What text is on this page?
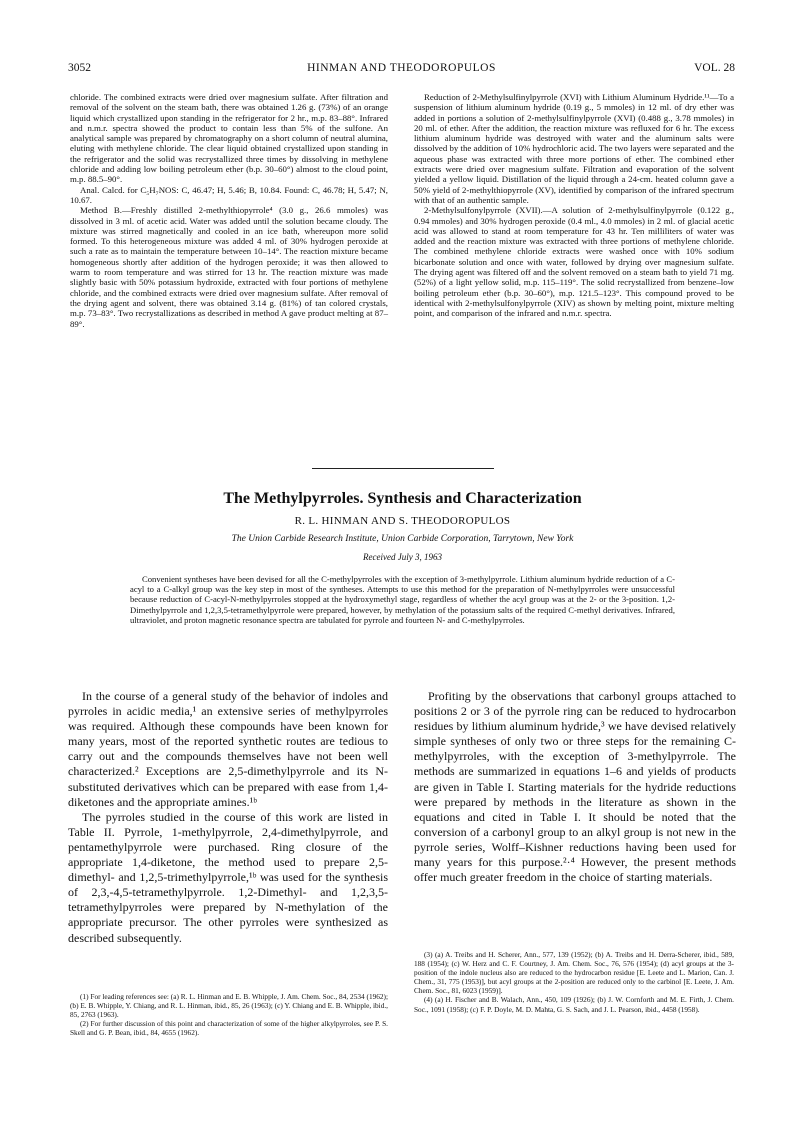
3052	HINMAN AND THEODOROPULOS	VOL. 28

chloride. The combined extracts were dried over magnesium sulfate. After filtration and removal of the solvent on the steam bath, there was obtained 1.26 g. (73%) of an orange liquid which crystallized upon standing in the refrigerator for 2 hr., m.p. 83–88°. Infrared and n.m.r. spectra showed the product to contain less than 5% of the sulfone. An analytical sample was prepared by chromatography on a short column of neutral alumina, eluting with methylene chloride. The clear liquid obtained crystallized upon standing in the refrigerator and the solid was recrystallized three times by dissolving in methylene chloride and adding low boiling petroleum ether (b.p. 30–60°) almost to the cloud point, m.p. 88.5–90°.

Anal. Calcd. for C₅H₇NOS: C, 46.47; H, 5.46; B, 10.84. Found: C, 46.78; H, 5.47; N, 10.67.

Method B.—Freshly distilled 2-methylthiopyrrole⁴ (3.0 g., 26.6 mmoles) was dissolved in 3 ml. of acetic acid. Water was added until the solution became cloudy. The mixture was stirred magnetically and cooled in an ice bath, whereupon more solid formed. To this heterogeneous mixture was added 4 ml. of 30% hydrogen peroxide at such a rate as to maintain the temperature between 10–14°. The reaction mixture became homogeneous shortly after addition of the hydrogen peroxide; it was then allowed to warm to room temperature and was stirred for 13 hr. The reaction mixture was made slightly basic with 50% potassium hydroxide, extracted with four portions of methylene chloride, and the combined extracts were dried over magnesium sulfate. After removal of the drying agent and solvent, there was obtained 3.14 g. (81%) of tan colored crystals, m.p. 73–83°. Two recrystallizations as described in method A gave product melting at 87–89°.

Reduction of 2-Methylsulfinylpyrrole (XVI) with Lithium Aluminum Hydride.¹¹—To a suspension of lithium aluminum hydride (0.19 g., 5 mmoles) in 12 ml. of dry ether was added in portions a solution of 2-methylsulfinylpyrrole (XVI) (0.488 g., 3.78 mmoles) in 20 ml. of ether. After the addition, the reaction mixture was refluxed for 6 hr. The excess lithium aluminum hydride was destroyed with water and the aluminum salts were dissolved by the addition of 10% hydrochloric acid. The two layers were separated and the aqueous phase was extracted with three more portions of ether. The combined ether extracts were dried over magnesium sulfate. Filtration and evaporation of the solvent yielded a yellow liquid. Distillation of the liquid through a 24-cm. heated column gave a 50% yield of 2-methylthiopyrrole (XV), identified by comparison of the infrared spectrum with that of an authentic sample.

2-Methylsulfonylpyrrole (XVII).—A solution of 2-methylsulfinylpyrrole (0.122 g., 0.94 mmoles) and 30% hydrogen peroxide (0.4 ml., 4.0 mmoles) in 2 ml. of glacial acetic acid was allowed to stand at room temperature for 43 hr. Ten milliliters of water was added and the reaction mixture was extracted with three portions of methylene chloride. The combined methylene chloride extracts were washed once with 10% sodium bicarbonate solution and once with water, followed by drying over magnesium sulfate. The drying agent was filtered off and the solvent removed on a steam bath to yield 71 mg. (52%) of a light yellow solid, m.p. 115–119°. The solid recrystallized from benzene–low boiling petroleum ether (b.p. 30–60°), m.p. 121.5–123°. This compound proved to be identical with 2-methylsulfonylpyrrole (XIV) as shown by melting point, mixture melting point, and comparison of the infrared and n.m.r. spectra.

The Methylpyrroles. Synthesis and Characterization
R. L. HINMAN AND S. THEODOROPULOS
The Union Carbide Research Institute, Union Carbide Corporation, Tarrytown, New York
Received July 3, 1963

Convenient syntheses have been devised for all the C-methylpyrroles with the exception of 3-methylpyrrole. Lithium aluminum hydride reduction of a C-acyl to a C-alkyl group was the key step in most of the syntheses. Attempts to use this method for the preparation of N-methylpyrroles were unsuccessful because reduction of C-acyl-N-methylpyrroles stopped at the hydroxymethyl stage, regardless of whether the acyl group was at the 2- or the 3-position. 1,2-Dimethylpyrrole and 1,2,3,5-tetramethylpyrrole were prepared, however, by methylation of the potassium salts of the required C-methyl derivatives. Infrared, ultraviolet, and proton magnetic resonance spectra are tabulated for pyrrole and fourteen N- and C-methylpyrroles.

In the course of a general study of the behavior of indoles and pyrroles in acidic media,¹ an extensive series of methylpyrroles was required. Although these compounds have been known for many years, most of the reported synthetic routes are tedious to carry out and the compounds themselves have not been well characterized.² Exceptions are 2,5-dimethylpyrrole and its N-substituted derivatives which can be prepared with ease from 1,4-diketones and the appropriate amines.¹ᵇ

The pyrroles studied in the course of this work are listed in Table II. Pyrrole, 1-methylpyrrole, 2,4-dimethylpyrrole, and pentamethylpyrrole were purchased. Ring closure of the appropriate 1,4-diketone, the method used to prepare 2,5-dimethyl- and 1,2,5-trimethylpyrrole,¹ᵇ was used for the synthesis of 2,3,-4,5-tetramethylpyrrole. 1,2-Dimethyl- and 1,2,3,5-tetramethylpyrroles were prepared by N-methylation of the appropriate precursor. The other pyrroles were synthesized as described subsequently.

Profiting by the observations that carbonyl groups attached to positions 2 or 3 of the pyrrole ring can be reduced to hydrocarbon residues by lithium aluminum hydride,³ we have devised relatively simple syntheses of only two or three steps for the remaining C-methylpyrroles, with the exception of 3-methylpyrrole. The methods are summarized in equations 1–6 and yields of products are given in Table I. Starting materials for the hydride reductions were prepared by methods in the literature as shown in the equations and cited in Table I. It should be noted that the conversion of a carbonyl group to an alkyl group is not new in the pyrrole series, Wolff–Kishner reductions having been used for many years for this purpose.²·⁴ However, the present methods offer much greater freedom in the choice of starting materials.

(1) For leading references see: (a) R. L. Hinman and E. B. Whipple, J. Am. Chem. Soc., 84, 2534 (1962); (b) E. B. Whipple, Y. Chiang, and R. L. Hinman, ibid., 85, 26 (1963); (c) Y. Chiang and E. B. Whipple, ibid., 85, 2763 (1963).

(2) For further discussion of this point and characterization of some of the higher alkylpyrroles, see P. S. Skell and G. P. Bean, ibid., 84, 4655 (1962).

(3) (a) A. Treibs and H. Scherer, Ann., 577, 139 (1952); (b) A. Treibs and H. Derra-Scherer, ibid., 589, 188 (1954); (c) W. Herz and C. F. Courtney, J. Am. Chem. Soc., 76, 576 (1954); (d) acyl groups at the 3-position of the indole nucleus also are reduced to the hydrocarbon residue [E. Leete and L. Marion, Can. J. Chem., 31, 775 (1953)], but acyl groups at the 2-position are reduced only to the carbinol [E. Leete, J. Am. Chem. Soc., 81, 6023 (1959)].

(4) (a) H. Fischer and B. Walach, Ann., 450, 109 (1926); (b) J. W. Cornforth and M. E. Firth, J. Chem. Soc., 1091 (1958); (c) F. P. Doyle, M. D. Mahta, G. S. Sach, and J. L. Pearson, ibid., 4458 (1958).
